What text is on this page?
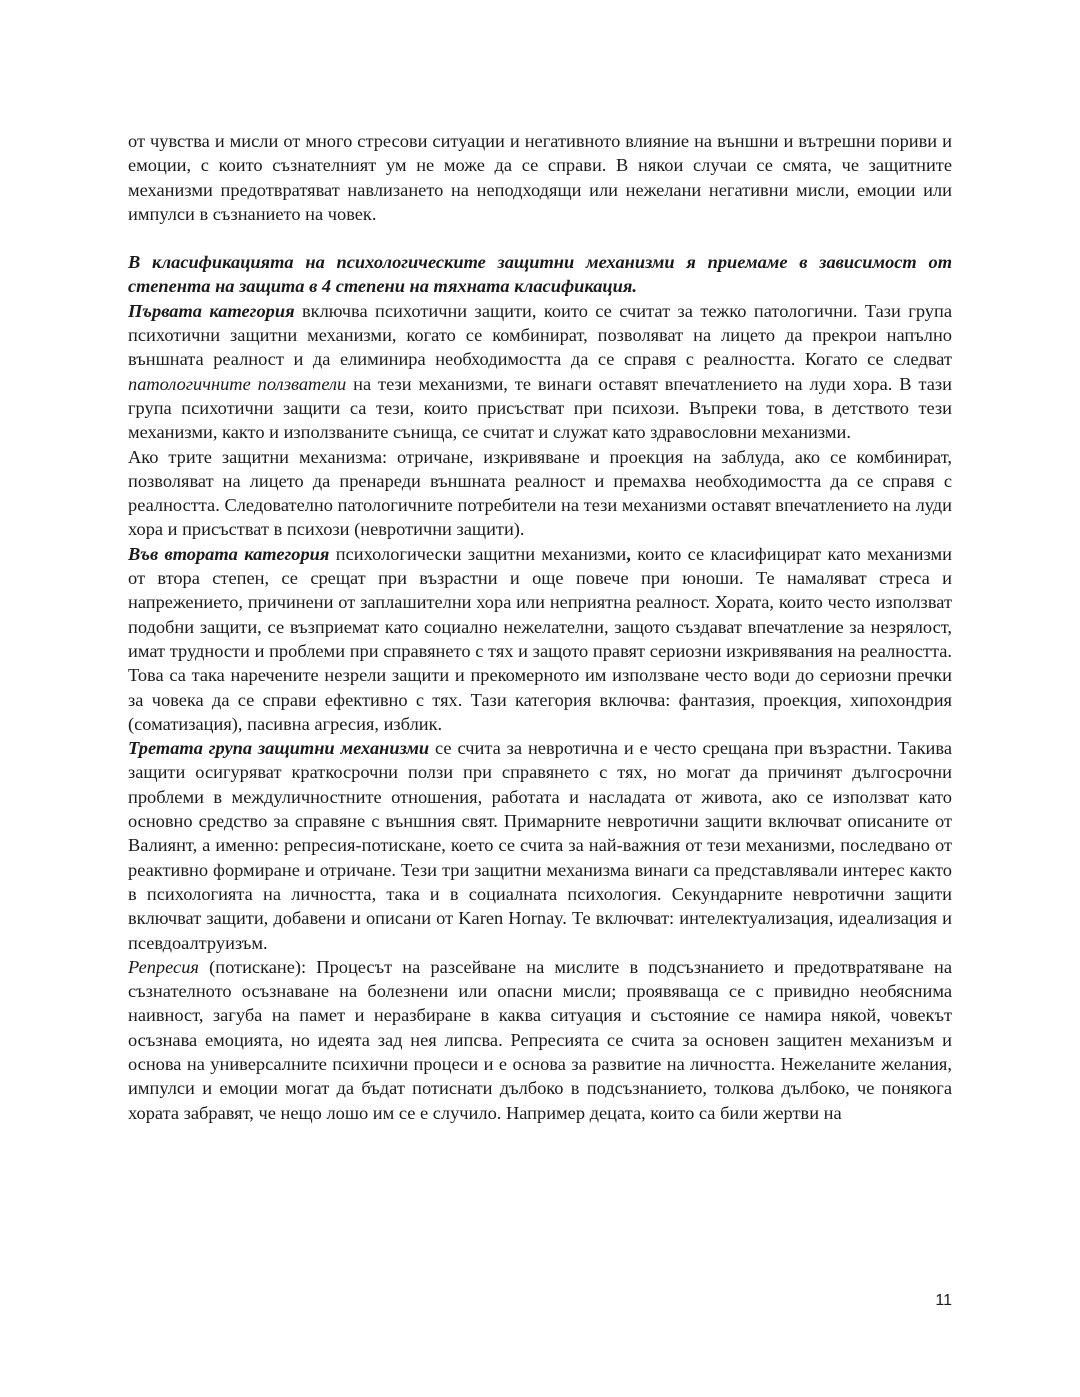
от чувства и мисли от много стресови ситуации и негативното влияние на външни и вътрешни пориви и емоции, с които съзнателният ум не може да се справи. В някои случаи се смята, че защитните механизми предотвратяват навлизането на неподходящи или нежелани негативни мисли, емоции или импулси в съзнанието на човек.

В класификацията на психологическите защитни механизми я приемаме в зависимост от степента на защита в 4 степени на тяхната класификация.

Първата категория включва психотични защити, които се считат за тежко патологични. Тази група психотични защитни механизми, когато се комбинират, позволяват на лицето да прекрои напълно външната реалност и да елиминира необходимостта да се справя с реалността. Когато се следват патологичните ползватели на тези механизми, те винаги оставят впечатлението на луди хора. В тази група психотични защити са тези, които присъстват при психози. Въпреки това, в детството тези механизми, както и използваните сънища, се считат и служат като здравословни механизми.

Ако трите защитни механизма: отричане, изкривяване и проекция на заблуда, ако се комбинират, позволяват на лицето да пренареди външната реалност и премахва необходимостта да се справя с реалността. Следователно патологичните потребители на тези механизми оставят впечатлението на луди хора и присъстват в психози (невротични защити).

Във втората категория психологически защитни механизми, които се класифицират като механизми от втора степен, се срещат при възрастни и още повече при юноши. Те намаляват стреса и напрежението, причинени от заплашителни хора или неприятна реалност. Хората, които често използват подобни защити, се възприемат като социално нежелателни, защото създават впечатление за незрялост, имат трудности и проблеми при справянето с тях и защото правят сериозни изкривявания на реалността. Това са така наречените незрели защити и прекомерното им използване често води до сериозни пречки за човека да се справи ефективно с тях. Тази категория включва: фантазия, проекция, хипохондрия (соматизация), пасивна агресия, изблик.

Третата група защитни механизми се счита за невротична и е често срещана при възрастни. Такива защити осигуряват краткосрочни ползи при справянето с тях, но могат да причинят дългосрочни проблеми в междуличностните отношения, работата и насладата от живота, ако се използват като основно средство за справяне с външния свят. Примарните невротични защити включват описаните от Валиянт, а именно: репресия-потискане, което се счита за най-важния от тези механизми, последвано от реактивно формиране и отричане. Тези три защитни механизма винаги са представлявали интерес както в психологията на личността, така и в социалната психология. Секундарните невротични защити включват защити, добавени и описани от Karen Hornay. Те включват: интелектуализация, идеализация и псевдоалтруизъм.

Репресия (потискане): Процесът на разсейване на мислите в подсъзнанието и предотвратяване на съзнателното осъзнаване на болезнени или опасни мисли; проявяваща се с привидно необяснима наивност, загуба на памет и неразбиране в каква ситуация и състояние се намира някой, човекът осъзнава емоцията, но идеята зад нея липсва. Репресията се счита за основен защитен механизъм и основа на универсалните психични процеси и е основа за развитие на личността. Нежеланите желания, импулси и емоции могат да бъдат потиснати дълбоко в подсъзнанието, толкова дълбоко, че понякога хората забравят, че нещо лошо им се е случило. Например децата, които са били жертви на

11
